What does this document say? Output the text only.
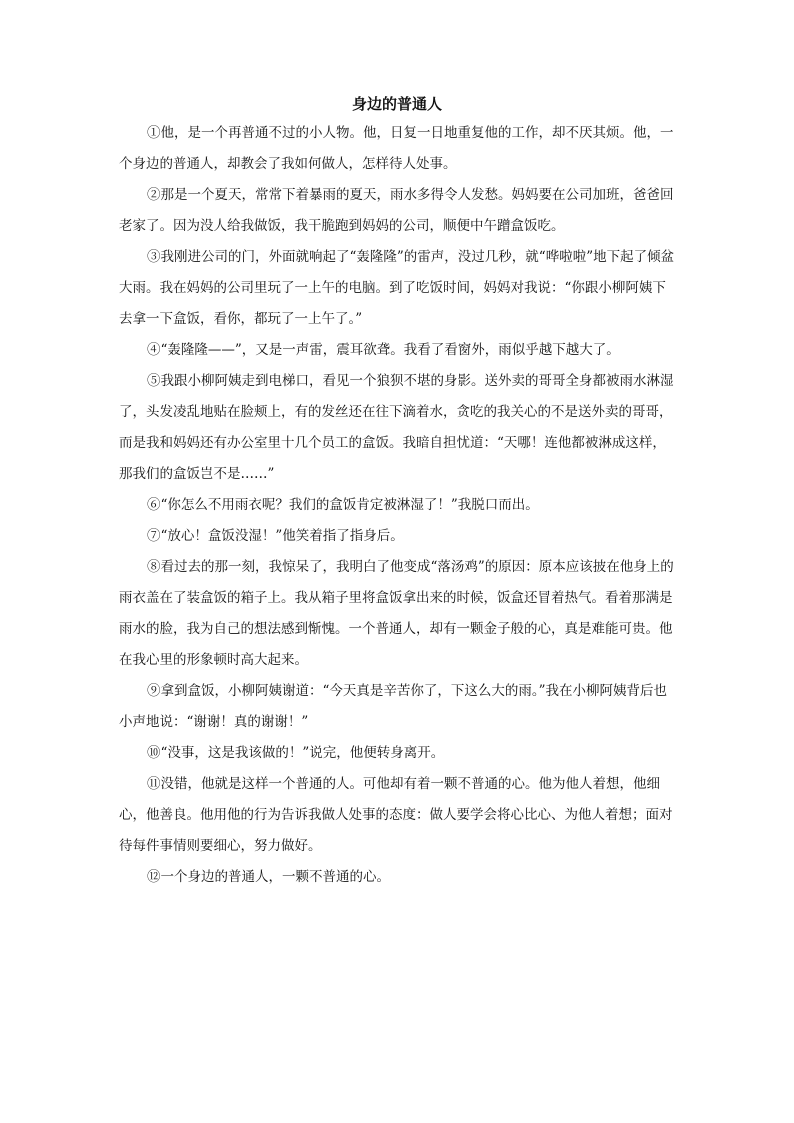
身边的普通人

①他，是一个再普通不过的小人物。他，日复一日地重复他的工作，却不厌其烦。他，一个身边的普通人，却教会了我如何做人，怎样待人处事。

②那是一个夏天，常常下着暴雨的夏天，雨水多得令人发愁。妈妈要在公司加班，爸爸回老家了。因为没人给我做饭，我干脆跑到妈妈的公司，顺便中午蹭盒饭吃。

③我刚进公司的门，外面就响起了“轰隆隆”的雷声，没过几秒，就“哗啦啦”地下起了倾盆大雨。我在妈妈的公司里玩了一上午的电脑。到了吃饭时间，妈妈对我说：“你跟小柳阿姨下去拿一下盒饭，看你，都玩了一上午了。”

④“轰隆隆——”，又是一声雷，震耳欲聋。我看了看窗外，雨似乎越下越大了。

⑤我跟小柳阿姨走到电梯口，看见一个狼狈不堪的身影。送外卖的哥哥全身都被雨水淋湿了，头发凌乱地贴在脸颊上，有的发丝还在往下滴着水，贪吃的我关心的不是送外卖的哥哥，而是我和妈妈还有办公室里十几个员工的盒饭。我暗自担忧道：“天哪！连他都被淋成这样，那我们的盒饭岂不是……”

⑥“你怎么不用雨衣呢？我们的盒饭肯定被淋湿了！”我脱口而出。

⑦“放心！盒饭没湿！”他笑着指了指身后。

⑧看过去的那一刻，我惊呆了，我明白了他变成“落汤鸡”的原因：原本应该披在他身上的雨衣盖在了装盒饭的箱子上。我从箱子里将盒饭拿出来的时候，饭盒还冒着热气。看着那满是雨水的脸，我为自己的想法感到惭愧。一个普通人，却有一颗金子般的心，真是难能可贵。他在我心里的形象顿时高大起来。

⑨拿到盒饭，小柳阿姨谢道：“今天真是辛苦你了，下这么大的雨。”我在小柳阿姨背后也小声地说：“谢谢！真的谢谢！”

⑩“没事，这是我该做的！”说完，他便转身离开。

⑪没错，他就是这样一个普通的人。可他却有着一颗不普通的心。他为他人着想，他细心，他善良。他用他的行为告诉我做人处事的态度：做人要学会将心比心、为他人着想；面对待每件事情则要细心，努力做好。

⑫一个身边的普通人，一颗不普通的心。
